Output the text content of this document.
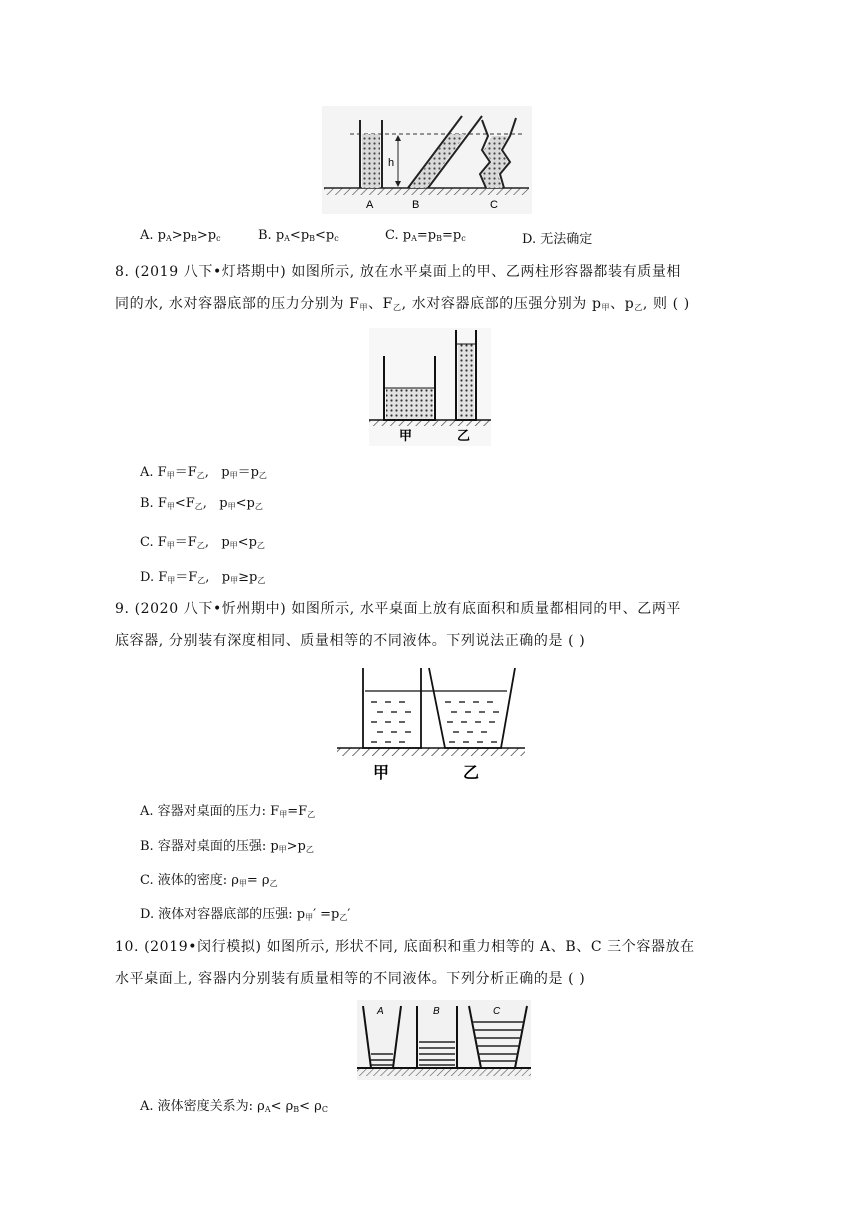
h
A	B	C
A. $p_A>p_B>p_c$	B. $p_A<p_B<p_c$	C. $p_A=p_B=p_c$	D. 无法确定
8. (2019 八下•灯塔期中) 如图所示, 放在水平桌面上的甲、乙两柱形容器都装有质量相
同的水, 水对容器底部的压力分别为 $F_甲$、$F_乙$, 水对容器底部的压强分别为 $p_甲$、$p_乙$, 则 ( )
甲	乙
A. $F_甲=F_乙$,   $p_甲=p_乙$
B. $F_甲<F_乙$,   $p_甲<p_乙$
C. $F_甲=F_乙$,   $p_甲<p_乙$
D. $F_甲=F_乙$,   $p_甲\ge p_乙$
9. (2020 八下•忻州期中) 如图所示, 水平桌面上放有底面积和质量都相同的甲、乙两平
底容器, 分别装有深度相同、质量相等的不同液体。下列说法正确的是 ( )
甲	乙
A. 容器对桌面的压力: $F_甲=F_乙$
B. 容器对桌面的压强: $p_甲>p_乙$
C. 液体的密度: $\rho_甲= \rho_乙$
D. 液体对容器底部的压强: $p_甲' =p_乙'$
10. (2019•闵行模拟) 如图所示, 形状不同, 底面积和重力相等的 A、B、C 三个容器放在
水平桌面上, 容器内分别装有质量相等的不同液体。下列分析正确的是 ( )
A	B	C
A. 液体密度关系为: $\rho_A< \rho_B< \rho_C$
